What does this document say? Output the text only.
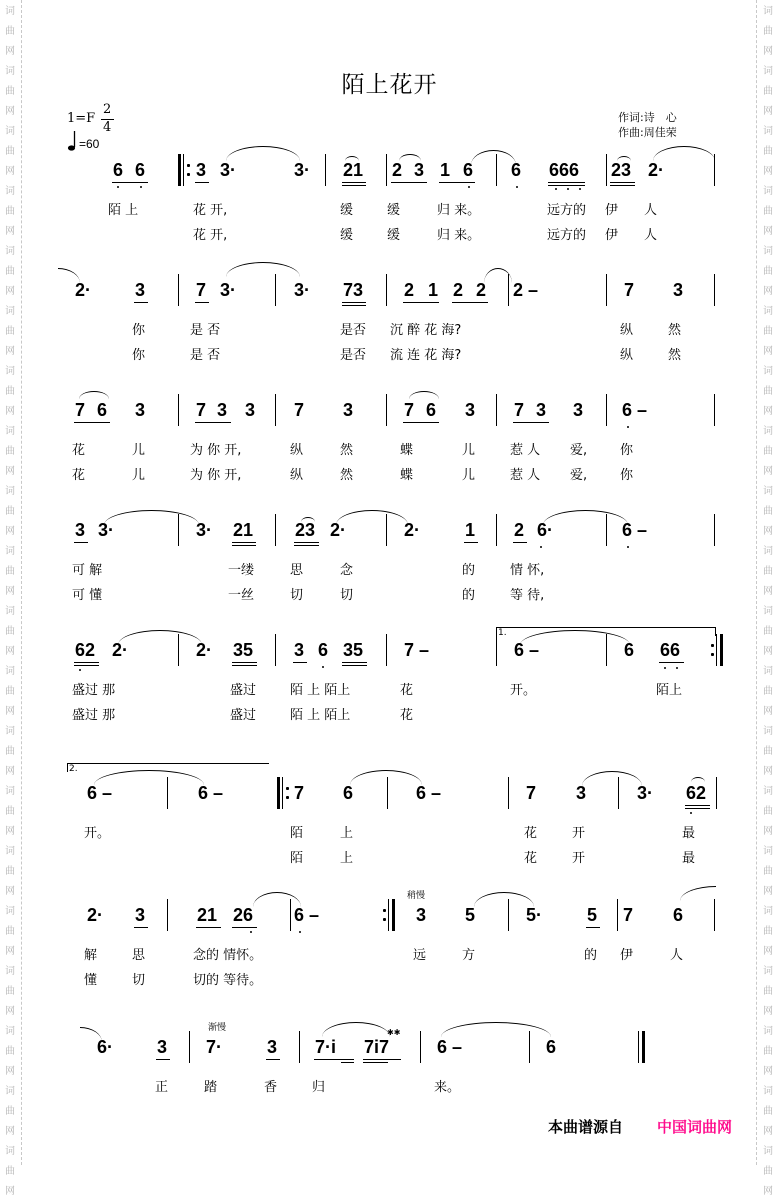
词
曲
网
词
曲
网
词
曲
网
词
曲
网
词
曲
网
词
曲
网
词
曲
网
词
曲
网
词
曲
网
词
曲
网
词
曲
网
词
曲
网
词
曲
网
词
曲
网
词
曲
网
词
曲
网
词
曲
网
词
曲
网
词
曲
网
词
曲
网
词
曲
网
词
曲
网
词
曲
网
词
曲
网
词
曲
网
词
曲
网
词
曲
网
词
曲
网
词
曲
网
词
曲
网
词
曲
网
词
曲
网
词
曲
网
词
曲
网
词
曲
网
词
曲
网
词
曲
网
词
曲
网
词
曲
网
词
曲
网
陌上花开
1=F
2
4
=60
作词:诗　心
作曲:周佳荣
6 6	3 3·	3· 21 2 3 1 6 6 666 23 2·
陌 上	花 开,	缓	缓	归 来。	远方的 伊 人
花 开,	缓	缓	归 来。	远方的 伊 人
2· 3	7 3·	3· 73 2 1 2 2 2 –	7 3
你	是 否	是否 沉 醉 花 海?	纵	然
你	是 否	是否 流 连 花 海?	纵	然
7 6 3	7 3 3 7 3	7 6 3 7 3 3 6 –
花	儿	为 你 开,	纵	然	蝶	儿	惹 人 爱,	你
花	儿	为 你 开,	纵	然	蝶	儿	惹 人 爱,	你
3 3·	3· 21 23 2·	2· 1 2 6·	6 –
可 解	一缕	思	念	的	情 怀,
可 懂	一丝	切	切	的	等 待,
62 2·	2· 35 3 6 35 7 –	6 –	6 66
盛过 那	盛过	陌 上 陌上	花	开。	陌上
盛过 那	盛过	陌 上 陌上	花
1.
6 –	6 –	7 6	6 –	7 3	3· 62
开。	陌	上	花	开	最
陌	上	花	开	最
2.
2· 3	21 26 6 –	3 5	5· 5 7 6
解	思	念的 情怀。	远	方	的 伊	人
懂	切	切的 等待。
稍慢
6· 3 7· 3 7·i 7i7	6 –	6
正	踏	香	归	来。
渐慢	✱✱
本曲谱源自 中国词曲网
